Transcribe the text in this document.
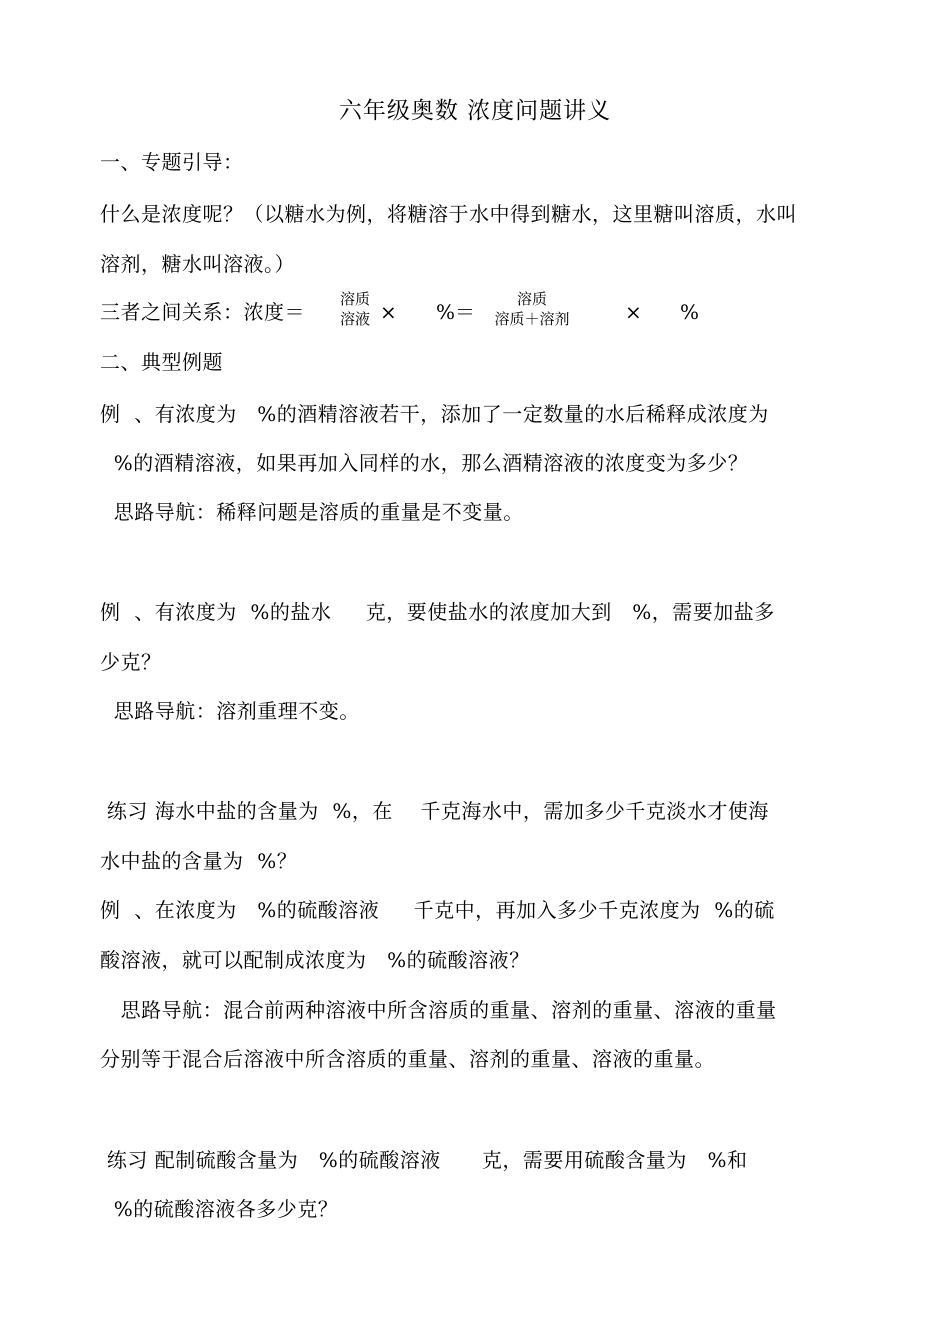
六年级奥数 浓度问题讲义
一、专题引导：
什么是浓度呢？（以糖水为例，将糖溶于水中得到糖水，这里糖叫溶质，水叫
溶剂，糖水叫溶液。）
三者之间关系：浓度＝
溶质
溶液 × %＝
溶质
溶质＋溶剂	× %
二、典型例题
例  、有浓度为   %的酒精溶液若干，添加了一定数量的水后稀释成浓度为
%的酒精溶液，如果再加入同样的水，那么酒精溶液的浓度变为多少？
思路导航：稀释问题是溶质的重量是不变量。
例  、有浓度为  %的盐水     克，要使盐水的浓度加大到   %，需要加盐多
少克？
思路导航：溶剂重理不变。
练习 海水中盐的含量为  %，在    千克海水中，需加多少千克淡水才使海
水中盐的含量为  %？
例  、在浓度为   %的硫酸溶液     千克中，再加入多少千克浓度为  %的硫
酸溶液，就可以配制成浓度为   %的硫酸溶液？
思路导航：混合前两种溶液中所含溶质的重量、溶剂的重量、溶液的重量
分别等于混合后溶液中所含溶质的重量、溶剂的重量、溶液的重量。
练习 配制硫酸含量为   %的硫酸溶液      克，需要用硫酸含量为   %和
%的硫酸溶液各多少克？
